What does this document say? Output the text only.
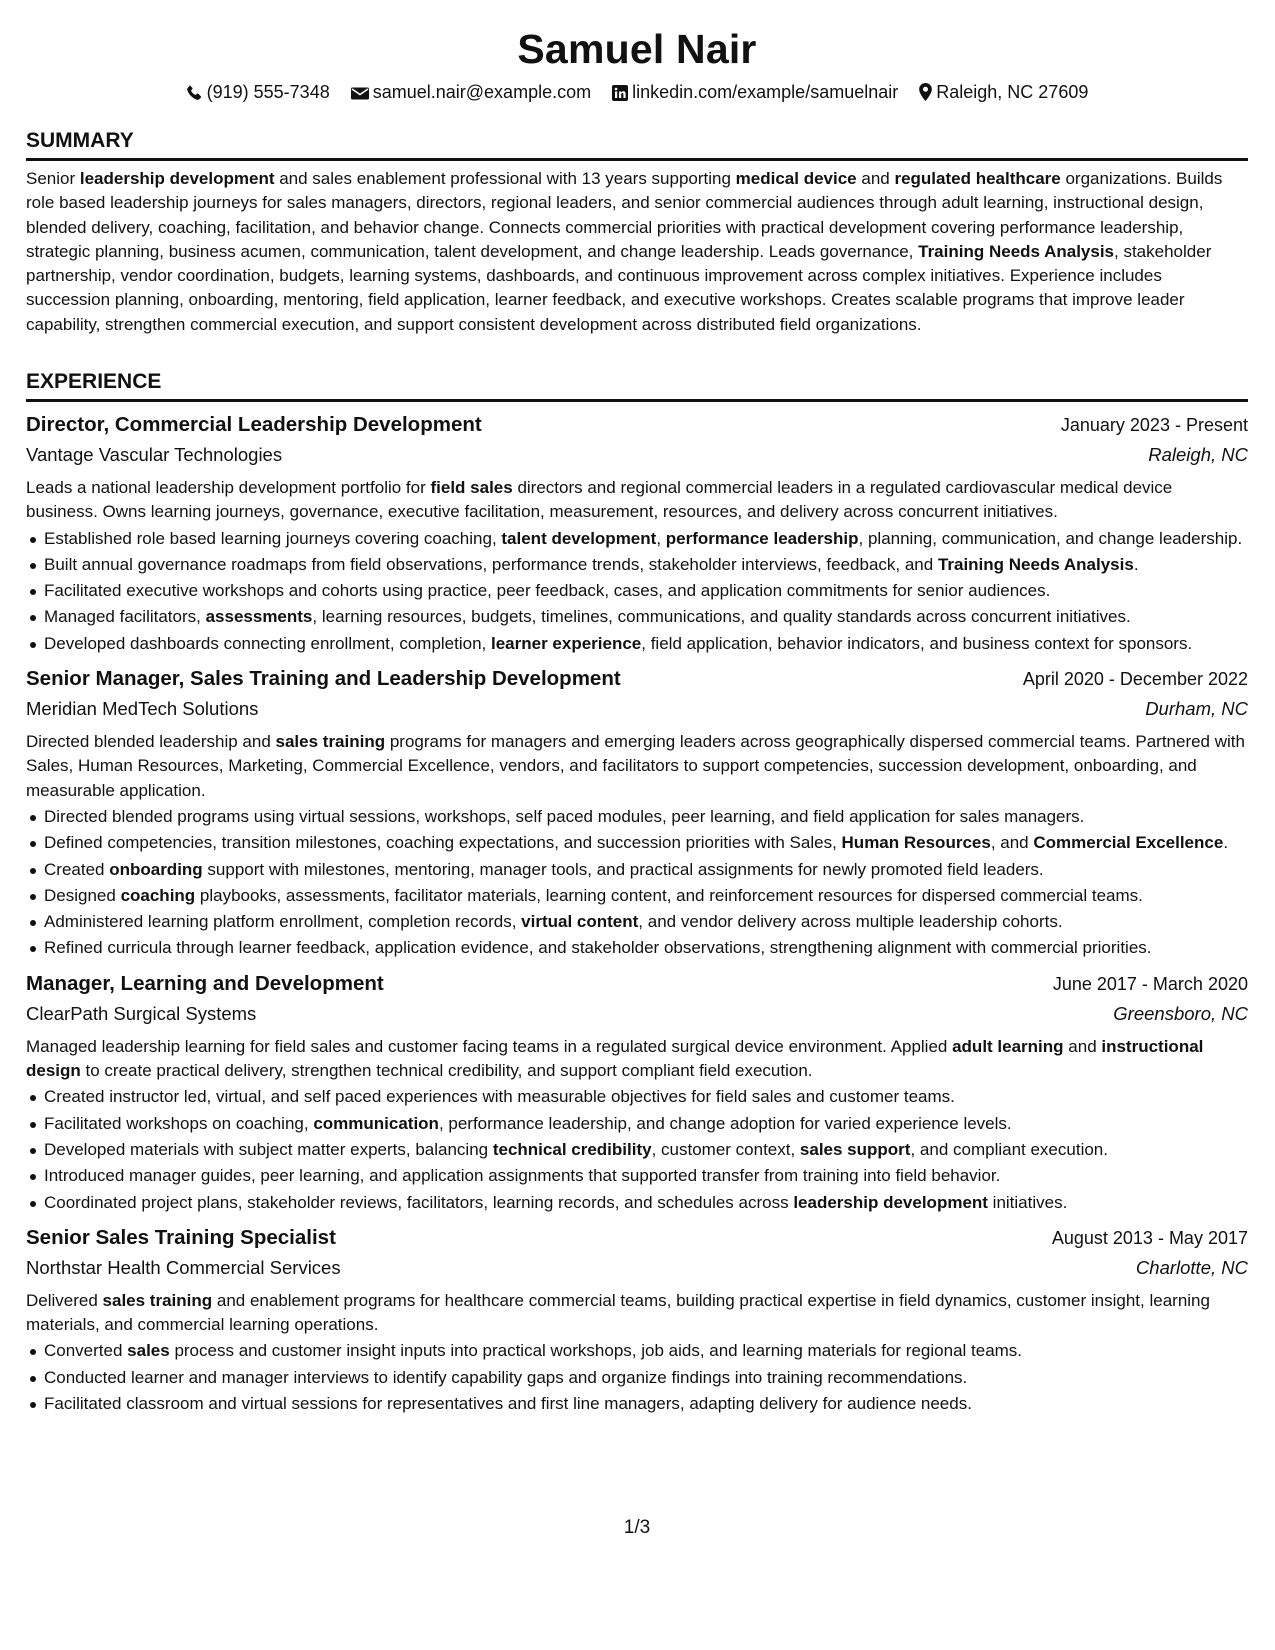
Samuel Nair
(919) 555-7348 samuel.nair@example.com linkedin.com/example/samuelnair Raleigh, NC 27609
SUMMARY

Senior leadership development and sales enablement professional with 13 years supporting medical device and regulated healthcare organizations. Builds role based leadership journeys for sales managers, directors, regional leaders, and senior commercial audiences through adult learning, instructional design, blended delivery, coaching, facilitation, and behavior change. Connects commercial priorities with practical development covering performance leadership, strategic planning, business acumen, communication, talent development, and change leadership. Leads governance, Training Needs Analysis, stakeholder partnership, vendor coordination, budgets, learning systems, dashboards, and continuous improvement across complex initiatives. Experience includes succession planning, onboarding, mentoring, field application, learner feedback, and executive workshops. Creates scalable programs that improve leader capability, strengthen commercial execution, and support consistent development across distributed field organizations.

EXPERIENCE
Director, Commercial Leadership Development	January 2023 - Present
Vantage Vascular Technologies	Raleigh, NC

Leads a national leadership development portfolio for field sales directors and regional commercial leaders in a regulated cardiovascular medical device business. Owns learning journeys, governance, executive facilitation, measurement, resources, and delivery across concurrent initiatives.

Established role based learning journeys covering coaching, talent development, performance leadership, planning, communication, and change leadership.
Built annual governance roadmaps from field observations, performance trends, stakeholder interviews, feedback, and Training Needs Analysis.
Facilitated executive workshops and cohorts using practice, peer feedback, cases, and application commitments for senior audiences.
Managed facilitators, assessments, learning resources, budgets, timelines, communications, and quality standards across concurrent initiatives.
Developed dashboards connecting enrollment, completion, learner experience, field application, behavior indicators, and business context for sponsors.
Senior Manager, Sales Training and Leadership Development	April 2020 - December 2022
Meridian MedTech Solutions	Durham, NC

Directed blended leadership and sales training programs for managers and emerging leaders across geographically dispersed commercial teams. Partnered with Sales, Human Resources, Marketing, Commercial Excellence, vendors, and facilitators to support competencies, succession development, onboarding, and measurable application.

Directed blended programs using virtual sessions, workshops, self paced modules, peer learning, and field application for sales managers.
Defined competencies, transition milestones, coaching expectations, and succession priorities with Sales, Human Resources, and Commercial Excellence.
Created onboarding support with milestones, mentoring, manager tools, and practical assignments for newly promoted field leaders.
Designed coaching playbooks, assessments, facilitator materials, learning content, and reinforcement resources for dispersed commercial teams.
Administered learning platform enrollment, completion records, virtual content, and vendor delivery across multiple leadership cohorts.
Refined curricula through learner feedback, application evidence, and stakeholder observations, strengthening alignment with commercial priorities.
Manager, Learning and Development	June 2017 - March 2020
ClearPath Surgical Systems	Greensboro, NC

Managed leadership learning for field sales and customer facing teams in a regulated surgical device environment. Applied adult learning and instructional design to create practical delivery, strengthen technical credibility, and support compliant field execution.

Created instructor led, virtual, and self paced experiences with measurable objectives for field sales and customer teams.
Facilitated workshops on coaching, communication, performance leadership, and change adoption for varied experience levels.
Developed materials with subject matter experts, balancing technical credibility, customer context, sales support, and compliant execution.
Introduced manager guides, peer learning, and application assignments that supported transfer from training into field behavior.
Coordinated project plans, stakeholder reviews, facilitators, learning records, and schedules across leadership development initiatives.
Senior Sales Training Specialist	August 2013 - May 2017
Northstar Health Commercial Services	Charlotte, NC

Delivered sales training and enablement programs for healthcare commercial teams, building practical expertise in field dynamics, customer insight, learning materials, and commercial learning operations.

Converted sales process and customer insight inputs into practical workshops, job aids, and learning materials for regional teams.
Conducted learner and manager interviews to identify capability gaps and organize findings into training recommendations.
Facilitated classroom and virtual sessions for representatives and first line managers, adapting delivery for audience needs.
1/3
